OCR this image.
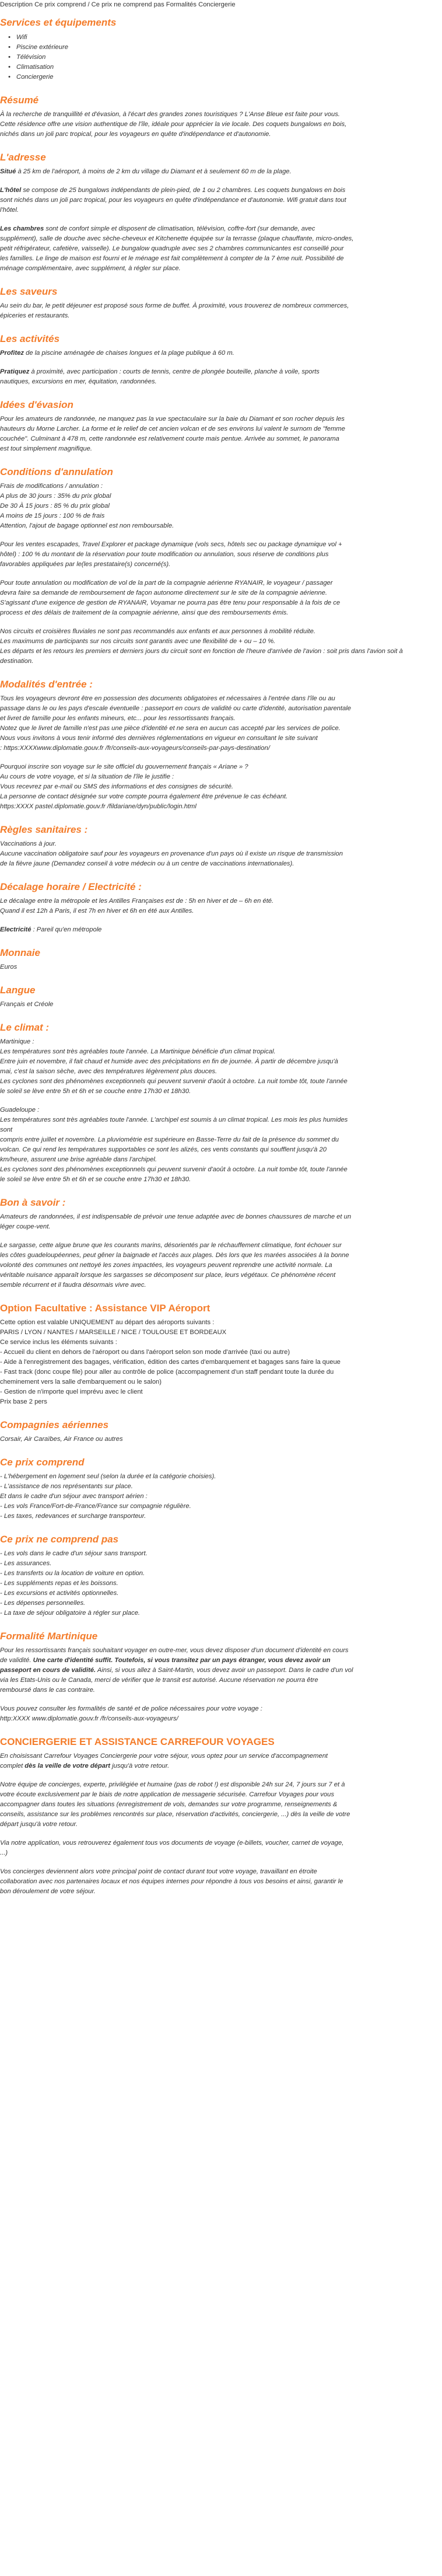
Description Ce prix comprend / Ce prix ne comprend pas Formalités Conciergerie
Services et équipements
• Wifi
• Piscine extérieure
• Télévision
• Climatisation
• Conciergerie
Résumé

À la recherche de tranquillité et d'évasion, à l'écart des grandes zones touristiques ? L'Anse Bleue est faite pour vous.
Cette résidence offre une vision authentique de l'île, idéale pour apprécier la vie locale. Des coquets bungalows en bois,
nichés dans un joli parc tropical, pour les voyageurs en quête d'indépendance et d'autonomie.

L'adresse

Situé à 25 km de l'aéroport, à moins de 2 km du village du Diamant et à seulement 60 m de la plage.

L'hôtel se compose de 25 bungalows indépendants de plein-pied, de 1 ou 2 chambres. Les coquets bungalows en bois
sont nichés dans un joli parc tropical, pour les voyageurs en quête d'indépendance et d'autonomie. Wifi gratuit dans tout
l'hôtel.

Les chambres sont de confort simple et disposent de climatisation, télévision, coffre-fort (sur demande, avec
supplément), salle de douche avec sèche-cheveux et Kitchenette équipée sur la terrasse (plaque chauffante, micro-ondes,
petit réfrigérateur, cafetière, vaisselle). Le bungalow quadruple avec ses 2 chambres communicantes est conseillé pour
les familles. Le linge de maison est fourni et le ménage est fait complètement à compter de la 7 ème nuit. Possibilité de
ménage complémentaire, avec supplément, à régler sur place.

Les saveurs

Au sein du bar, le petit déjeuner est proposé sous forme de buffet. À proximité, vous trouverez de nombreux commerces,
épiceries et restaurants.

Les activités

Profitez de la piscine aménagée de chaises longues et la plage publique à 60 m.

Pratiquez à proximité, avec participation : courts de tennis, centre de plongée bouteille, planche à voile, sports
nautiques, excursions en mer, équitation, randonnées.

Idées d'évasion

Pour les amateurs de randonnée, ne manquez pas la vue spectaculaire sur la baie du Diamant et son rocher depuis les
hauteurs du Morne Larcher. La forme et le relief de cet ancien volcan et de ses environs lui valent le surnom de "femme
couchée". Culminant à 478 m, cette randonnée est relativement courte mais pentue. Arrivée au sommet, le panorama
est tout simplement magnifique.

Conditions d'annulation

Frais de modifications / annulation :
A plus de 30 jours : 35% du prix global
De 30 À 15 jours : 85 % du prix global
A moins de 15 jours : 100 % de frais
Attention, l'ajout de bagage optionnel est non remboursable.

Pour les ventes escapades, Travel Explorer et package dynamique (vols secs, hôtels sec ou package dynamique vol +
hôtel) : 100 % du montant de la réservation pour toute modification ou annulation, sous réserve de conditions plus
favorables appliquées par le(les prestataire(s) concerné(s).

Pour toute annulation ou modification de vol de la part de la compagnie aérienne RYANAIR, le voyageur / passager
devra faire sa demande de remboursement de façon autonome directement sur le site de la compagnie aérienne.
S'agissant d'une exigence de gestion de RYANAIR, Voyamar ne pourra pas être tenu pour responsable à la fois de ce
process et des délais de traitement de la compagnie aérienne, ainsi que des remboursements émis.

Nos circuits et croisières fluviales ne sont pas recommandés aux enfants et aux personnes à mobilité réduite.
Les maximums de participants sur nos circuits sont garantis avec une flexibilité de + ou – 10 %.
Les départs et les retours les premiers et derniers jours du circuit sont en fonction de l'heure d'arrivée de l'avion : soit pris dans l'avion soit à
destination.

Modalités d'entrée :

Tous les voyageurs devront être en possession des documents obligatoires et nécessaires à l'entrée dans l'île ou au
passage dans le ou les pays d'escale éventuelle : passeport en cours de validité ou carte d'identité, autorisation parentale
et livret de famille pour les enfants mineurs, etc... pour les ressortissants français.
Notez que le livret de famille n'est pas une pièce d'identité et ne sera en aucun cas accepté par les services de police.
Nous vous invitons à vous tenir informé des dernières réglementations en vigueur en consultant le site suivant
: https:XXXXwww.diplomatie.gouv.fr /fr/conseils-aux-voyageurs/conseils-par-pays-destination/

Pourquoi inscrire son voyage sur le site officiel du gouvernement français « Ariane » ?
Au cours de votre voyage, et si la situation de l'île le justifie :
Vous recevrez par e-mail ou SMS des informations et des consignes de sécurité.
La personne de contact désignée sur votre compte pourra également être prévenue le cas échéant.
https:XXXX pastel.diplomatie.gouv.fr /fildariane/dyn/public/login.html

Règles sanitaires :

Vaccinations à jour.
Aucune vaccination obligatoire sauf pour les voyageurs en provenance d'un pays où il existe un risque de transmission
de la fièvre jaune (Demandez conseil à votre médecin ou à un centre de vaccinations internationales).

Décalage horaire / Electricité :

Le décalage entre la métropole et les Antilles Françaises est de : 5h en hiver et de – 6h en été.
Quand il est 12h à Paris, il est 7h en hiver et 6h en été aux Antilles.

Electricité : Pareil qu'en métropole

Monnaie

Euros

Langue

Français et Créole

Le climat :

Martinique :
Les températures sont très agréables toute l'année. La Martinique bénéficie d'un climat tropical.
Entre juin et novembre, il fait chaud et humide avec des précipitations en fin de journée. À partir de décembre jusqu'à
mai, c'est la saison sèche, avec des températures légèrement plus douces.
Les cyclones sont des phénomènes exceptionnels qui peuvent survenir d'août à octobre. La nuit tombe tôt, toute l'année
le soleil se lève entre 5h et 6h et se couche entre 17h30 et 18h30.

Guadeloupe :
Les températures sont très agréables toute l'année. L'archipel est soumis à un climat tropical. Les mois les plus humides
sont
compris entre juillet et novembre. La pluviométrie est supérieure en Basse-Terre du fait de la présence du sommet du
volcan. Ce qui rend les températures supportables ce sont les alizés, ces vents constants qui soufflent jusqu'à 20
km/heure, assurent une brise agréable dans l'archipel.
Les cyclones sont des phénomènes exceptionnels qui peuvent survenir d'août à octobre. La nuit tombe tôt, toute l'année
le soleil se lève entre 5h et 6h et se couche entre 17h30 et 18h30.

Bon à savoir :

Amateurs de randonnées, il est indispensable de prévoir une tenue adaptée avec de bonnes chaussures de marche et un
léger coupe-vent.

Le sargasse, cette algue brune que les courants marins, désorientés par le réchauffement climatique, font échouer sur
les côtes guadeloupéennes, peut gêner la baignade et l'accès aux plages. Dès lors que les marées associées à la bonne
volonté des communes ont nettoyé les zones impactées, les voyageurs peuvent reprendre une activité normale. La
véritable nuisance apparaît lorsque les sargasses se décomposent sur place, leurs végétaux. Ce phénomène récent
semble récurrent et il faudra désormais vivre avec.

Option Facultative : Assistance VIP Aéroport

Cette option est valable UNIQUEMENT au départ des aéroports suivants :
PARIS / LYON / NANTES / MARSEILLE / NICE / TOULOUSE ET BORDEAUX
Ce service inclus les éléments suivants :
- Accueil du client en dehors de l'aéroport ou dans l'aéroport selon son mode d'arrivée (taxi ou autre)
- Aide à l'enregistrement des bagages, vérification, édition des cartes d'embarquement et bagages sans faire la queue
- Fast track (donc coupe file) pour aller au contrôle de police (accompagnement d'un staff pendant toute la durée du
cheminement vers la salle d'embarquement ou le salon)
- Gestion de n'importe quel imprévu avec le client
Prix base 2 pers

Compagnies aériennes

Corsair, Air Caraïbes, Air France ou autres

Ce prix comprend

- L'hébergement en logement seul (selon la durée et la catégorie choisies).
- L'assistance de nos représentants sur place.
Et dans le cadre d'un séjour avec transport aérien :
- Les vols France/Fort-de-France/France sur compagnie régulière.
- Les taxes, redevances et surcharge transporteur.

Ce prix ne comprend pas

- Les vols dans le cadre d'un séjour sans transport.
- Les assurances.
- Les transferts ou la location de voiture en option.
- Les suppléments repas et les boissons.
- Les excursions et activités optionnelles.
- Les dépenses personnelles.
- La taxe de séjour obligatoire à régler sur place.

Formalité Martinique

Pour les ressortissants français souhaitant voyager en outre-mer, vous devez disposer d'un document d'identité en cours
de validité. Une carte d'identité suffit. Toutefois, si vous transitez par un pays étranger, vous devez avoir un
passeport en cours de validité. Ainsi, si vous allez à Saint-Martin, vous devez avoir un passeport. Dans le cadre d'un vol
via les Etats-Unis ou le Canada, merci de vérifier que le transit est autorisé. Aucune réservation ne pourra être
remboursé dans le cas contraire.

Vous pouvez consulter les formalités de santé et de police nécessaires pour votre voyage :
http:XXXX www.diplomatie.gouv.fr /fr/conseils-aux-voyageurs/

CONCIERGERIE ET ASSISTANCE CARREFOUR VOYAGES

En choisissant Carrefour Voyages Conciergerie pour votre séjour, vous optez pour un service d'accompagnement
complet dès la veille de votre départ jusqu'à votre retour.

Notre équipe de concierges, experte, privilégiée et humaine (pas de robot !) est disponible 24h sur 24, 7 jours sur 7 et à
votre écoute exclusivement par le biais de notre application de messagerie sécurisée. Carrefour Voyages pour vous
accompagner dans toutes les situations (enregistrement de vols, demandes sur votre programme, renseignements &
conseils, assistance sur les problèmes rencontrés sur place, réservation d'activités, conciergerie, ...) dès la veille de votre
départ jusqu'à votre retour.

Via notre application, vous retrouverez également tous vos documents de voyage (e-billets, voucher, carnet de voyage,
...)

Vos concierges deviennent alors votre principal point de contact durant tout votre voyage, travaillant en étroite
collaboration avec nos partenaires locaux et nos équipes internes pour répondre à tous vos besoins et ainsi, garantir le
bon déroulement de votre séjour.
